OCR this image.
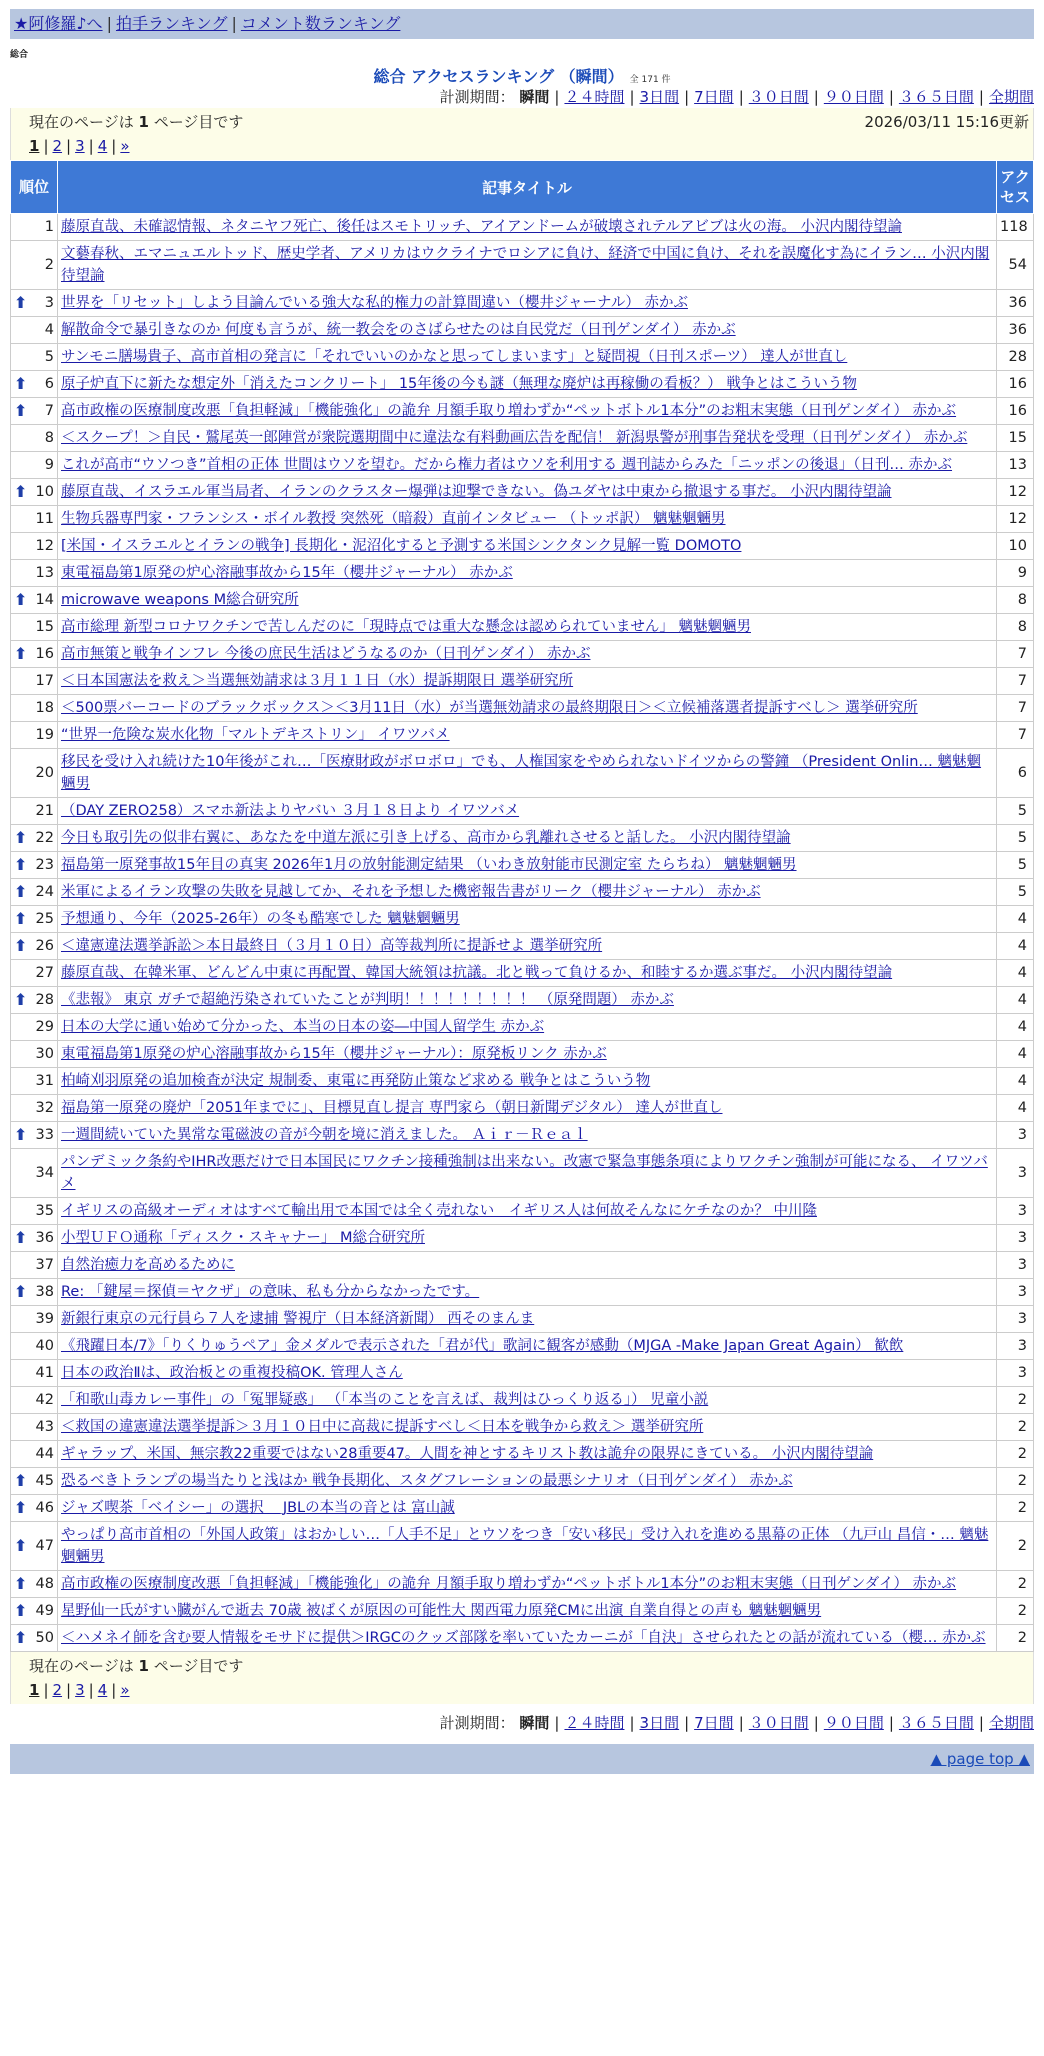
★阿修羅♪へ | 拍手ランキング | コメント数ランキング
総合
総合 アクセスランキング （瞬間） 全 171 件
計測期間： 瞬間 | ２４時間 | 3日間 | 7日間 | ３０日間 | ９０日間 | ３６５日間 | 全期間
現在のページは 1 ページ目です	2026/03/11 15:16更新
1 | 2 | 3 | 4 | »
順位	記事タイトル	アクセス
1	藤原直哉、未確認情報、ネタニヤフ死亡、後任はスモトリッチ、アイアンドームが破壊されテルアビブは火の海。 小沢内閣待望論	118
2	文藝春秋、エマニュエルトッド、歴史学者、アメリカはウクライナでロシアに負け、経済で中国に負け、それを誤魔化す為にイラン… 小沢内閣待望論	54

⬆ 3	世界を「リセット」しよう目論んでいる強大な私的権力の計算間違い（櫻井ジャーナル） 赤かぶ	36
4	解散命令で暴引きなのか 何度も言うが、統一教会をのさばらせたのは自民党だ（日刊ゲンダイ） 赤かぶ	36
5	サンモニ膳場貴子、高市首相の発言に「それでいいのかなと思ってしまいます」と疑問視（日刊スポーツ） 達人が世直し	28

⬆ 6	原子炉直下に新たな想定外「消えたコンクリート」 15年後の今も謎（無理な廃炉は再稼働の看板？） 戦争とはこういう物	16

⬆ 7	高市政権の医療制度改悪「負担軽減」「機能強化」の詭弁 月額手取り増わずか“ペットボトル1本分”のお粗末実態（日刊ゲンダイ） 赤かぶ	16
8	＜スクープ！＞自民・鷲尾英一郎陣営が衆院選期間中に違法な有料動画広告を配信！ 新潟県警が刑事告発状を受理（日刊ゲンダイ） 赤かぶ	15
9	これが高市“ウソつき”首相の正体 世間はウソを望む。だから権力者はウソを利用する 週刊誌からみた「ニッポンの後退」（日刊… 赤かぶ	13

⬆ 10	藤原直哉、イスラエル軍当局者、イランのクラスター爆弾は迎撃できない。偽ユダヤは中東から撤退する事だ。 小沢内閣待望論	12
11	生物兵器専門家・フランシス・ボイル教授 突然死（暗殺）直前インタビュー （トッポ訳） 魑魅魍魎男	12
12	[米国・イスラエルとイランの戦争] 長期化・泥沼化すると予測する米国シンクタンク見解一覧 DOMOTO	10
13	東電福島第1原発の炉心溶融事故から15年（櫻井ジャーナル） 赤かぶ	9

⬆ 14	microwave weapons M総合研究所	8
15	高市総理 新型コロナワクチンで苦しんだのに「現時点では重大な懸念は認められていません」 魑魅魍魎男	8

⬆ 16	高市無策と戦争インフレ 今後の庶民生活はどうなるのか（日刊ゲンダイ） 赤かぶ	7
17	＜日本国憲法を救え＞当選無効請求は３月１１日（水）提訴期限日 選挙研究所	7
18	＜500票バーコードのブラックボックス＞＜3月11日（水）が当選無効請求の最終期限日＞＜立候補落選者提訴すべし＞ 選挙研究所	7
19	“世界一危険な炭水化物「マルトデキストリン」 イワツバメ	7
20	移民を受け入れ続けた10年後がこれ…「医療財政がボロボロ」でも、人権国家をやめられないドイツからの警鐘 （President Onlin… 魑魅魍魎男	6
21	（DAY ZERO258）スマホ新法よりヤバい ３月１８日より イワツバメ	5

⬆ 22	今日も取引先の似非右翼に、あなたを中道左派に引き上げる、高市から乳離れさせると話した。 小沢内閣待望論	5

⬆ 23	福島第一原発事故15年目の真実 2026年1月の放射能測定結果 （いわき放射能市民測定室 たらちね） 魑魅魍魎男	5

⬆ 24	米軍によるイラン攻撃の失敗を見越してか、それを予想した機密報告書がリーク（櫻井ジャーナル） 赤かぶ	5

⬆ 25	予想通り、今年（2025-26年）の冬も酷寒でした 魑魅魍魎男	4

⬆ 26	＜違憲違法選挙訴訟＞本日最終日（３月１０日）高等裁判所に提訴せよ 選挙研究所	4
27	藤原直哉、在韓米軍、どんどん中東に再配置、韓国大統領は抗議。北と戦って負けるか、和睦するか選ぶ事だ。 小沢内閣待望論	4

⬆ 28	《悲報》 東京 ガチで超絶汚染されていたことが判明！！！！！！！！！ （原発問題） 赤かぶ	4
29	日本の大学に通い始めて分かった、本当の日本の姿―中国人留学生 赤かぶ	4
30	東電福島第1原発の炉心溶融事故から15年（櫻井ジャーナル）：原発板リンク 赤かぶ	4
31	柏崎刈羽原発の追加検査が決定 規制委、東電に再発防止策など求める 戦争とはこういう物	4
32	福島第一原発の廃炉「2051年までに」、目標見直し提言 専門家ら（朝日新聞デジタル） 達人が世直し	4

⬆ 33	一週間続いていた異常な電磁波の音が今朝を境に消えました。 Ａｉｒ－Ｒｅａｌ	3
34	パンデミック条約やIHR改悪だけで日本国民にワクチン接種強制は出来ない。改憲で緊急事態条項によりワクチン強制が可能になる、 イワツバメ	3
35	イギリスの高級オーディオはすべて輸出用で本国では全く売れない＿イギリス人は何故そんなにケチなのか？ 中川隆	3

⬆ 36	小型ＵＦＯ通称「ディスク・スキャナー」 M総合研究所	3
37	自然治癒力を高めるために	3

⬆ 38	Re: 「鍵屋＝探偵＝ヤクザ」の意味、私も分からなかったです。	3
39	新銀行東京の元行員ら７人を逮捕 警視庁（日本経済新聞） 西そのまんま	3
40	《飛躍日本/7》「りくりゅうペア」金メダルで表示された「君が代」歌詞に観客が感動（MJGA -Make Japan Great Again） 歓飲	3
41	日本の政治Ⅱは、政治板との重複投稿OK. 管理人さん	3
42	「和歌山毒カレー事件」の「冤罪疑惑」 （「本当のことを言えば、裁判はひっくり返る」） 児童小説	2
43	＜救国の違憲違法選挙提訴＞３月１０日中に高裁に提訴すべし＜日本を戦争から救え＞ 選挙研究所	2
44	ギャラップ、米国、無宗教22重要ではない28重要47。人間を神とするキリスト教は詭弁の限界にきている。 小沢内閣待望論	2

⬆ 45	恐るべきトランプの場当たりと浅はか 戦争長期化、スタグフレーションの最悪シナリオ（日刊ゲンダイ） 赤かぶ	2

⬆ 46	ジャズ喫茶「ベイシー」の選択 ＿JBLの本当の音とは 富山誠	2

⬆ 47	やっぱり高市首相の「外国人政策」はおかしい…「人手不足」とウソをつき「安い移民」受け入れを進める黒幕の正体 （九戸山 昌信・… 魑魅魍魎男	2

⬆ 48	高市政権の医療制度改悪「負担軽減」「機能強化」の詭弁 月額手取り増わずか“ペットボトル1本分”のお粗末実態（日刊ゲンダイ） 赤かぶ	2

⬆ 49	星野仙一氏がすい臓がんで逝去 70歳 被ばくが原因の可能性大 関西電力原発CMに出演 自業自得との声も 魑魅魍魎男	2

⬆ 50	＜ハメネイ師を含む要人情報をモサドに提供＞IRGCのクッズ部隊を率いていたカーニが「自決」させられたとの話が流れている（櫻… 赤かぶ	2
現在のページは 1 ページ目です
1 | 2 | 3 | 4 | »
計測期間： 瞬間 | ２４時間 | 3日間 | 7日間 | ３０日間 | ９０日間 | ３６５日間 | 全期間
▲ page top ▲
